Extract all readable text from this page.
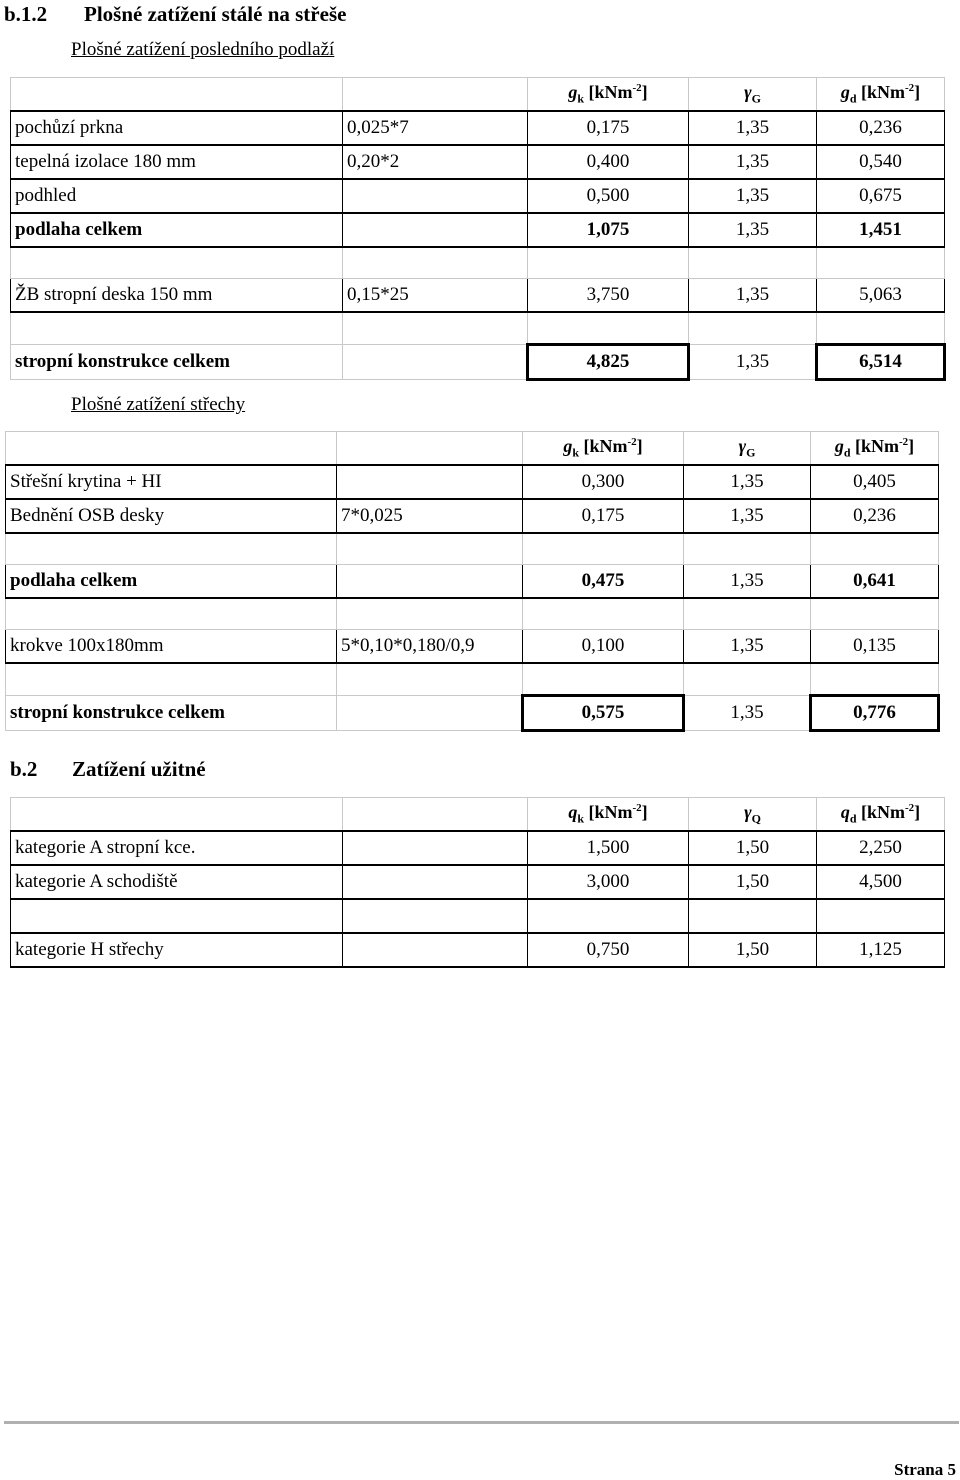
b.1.2 Plošné zatížení stálé na střeše
Plošné zatížení posledního podlaží
		$g_k$ [kNm$^{-2}$]	$\gamma_G$	$g_d$ [kNm$^{-2}$]
pochůzí prkna	0,025*7	0,175	1,35	0,236
tepelná izolace 180 mm	0,20*2	0,400	1,35	0,540
podhled		0,500	1,35	0,675
podlaha celkem		1,075	1,35	1,451

ŽB stropní deska 150 mm	0,15*25	3,750	1,35	5,063

stropní konstrukce celkem		4,825	1,35	6,514
Plošné zatížení střechy
		$g_k$ [kNm$^{-2}$]	$\gamma_G$	$g_d$ [kNm$^{-2}$]
Střešní krytina + HI		0,300	1,35	0,405
Bednění OSB desky	7*0,025	0,175	1,35	0,236

podlaha celkem		0,475	1,35	0,641

krokve 100x180mm	5*0,10*0,180/0,9	0,100	1,35	0,135

stropní konstrukce celkem		0,575	1,35	0,776
b.2 Zatížení užitné
		$q_k$ [kNm$^{-2}$]	$\gamma_Q$	$q_d$ [kNm$^{-2}$]
kategorie A stropní kce.		1,500	1,50	2,250
kategorie A schodiště		3,000	1,50	4,500

kategorie H střechy		0,750	1,50	1,125
Strana 5
